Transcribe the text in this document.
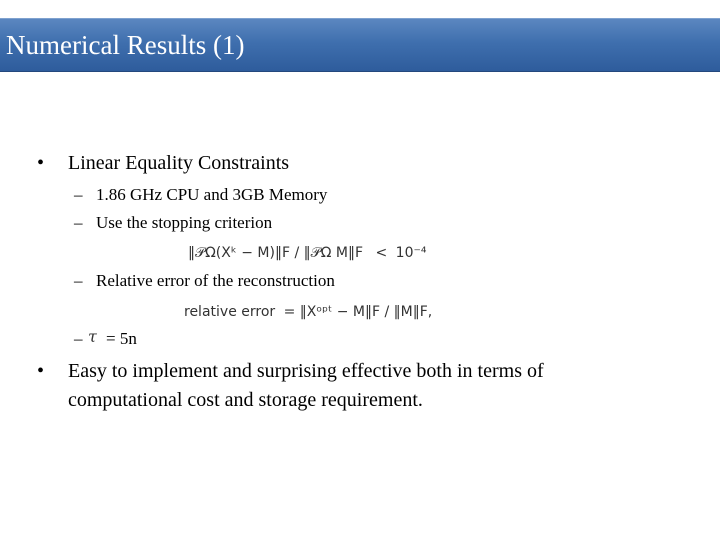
Numerical Results (1)
• Linear Equality Constraints
– 1.86 GHz CPU and 3GB Memory
– Use the stopping criterion
‖𝒫Ω(Xᵏ − M)‖F / ‖𝒫Ω M‖F < 10⁻⁴
– Relative error of the reconstruction
relative error = ‖Xᵒᵖᵗ − M‖F / ‖M‖F,
– τ = 5n
• Easy to implement and surprising effective both in terms of
computational cost and storage requirement.
